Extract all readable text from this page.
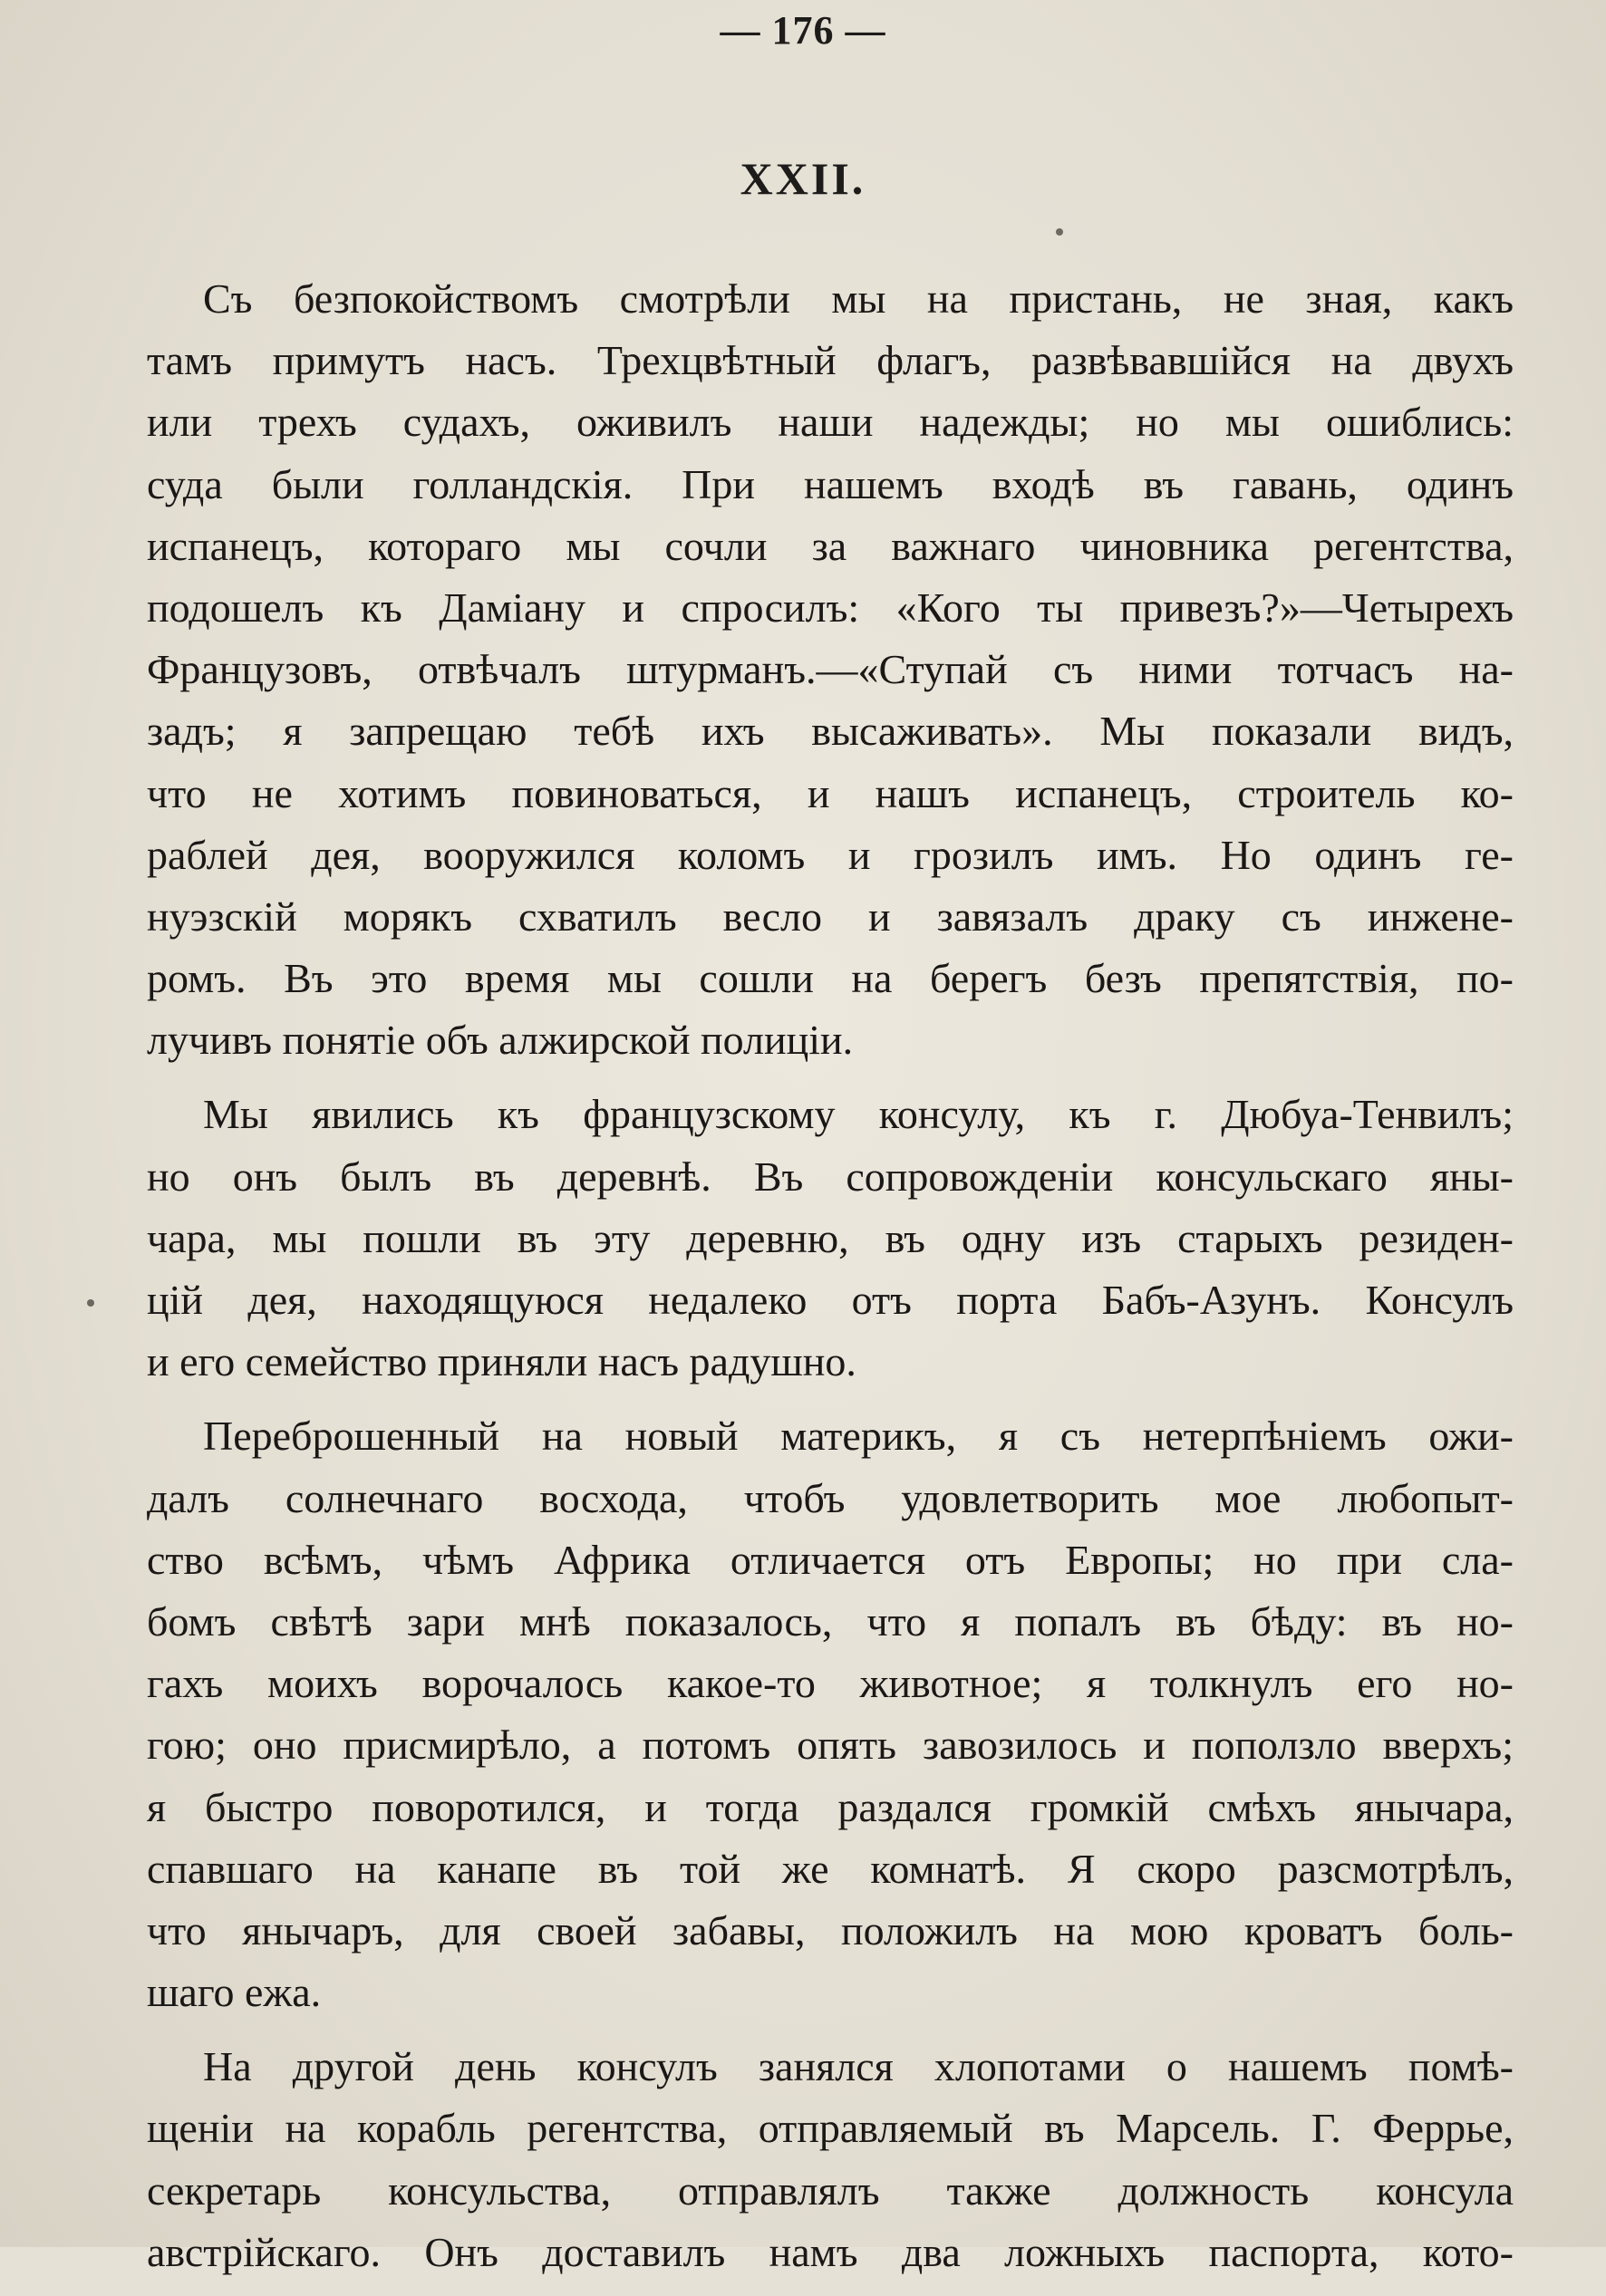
— 176 —
XXII.
Съ безпокойствомъ смотрѣли мы на пристань, не зная, какъ
тамъ примутъ насъ. Трехцвѣтный флагъ, развѣвавшійся на двухъ
или трехъ судахъ, оживилъ наши надежды; но мы ошиблись:
суда были голландскія. При нашемъ входѣ въ гавань, одинъ
испанецъ, котораго мы сочли за важнаго чиновника регентства,
подошелъ къ Даміану и спросилъ: «Кого ты привезъ?»—Четырехъ
Французовъ, отвѣчалъ штурманъ.—«Ступай съ ними тотчасъ на-
задъ; я запрещаю тебѣ ихъ высаживать». Мы показали видъ,
что не хотимъ повиноваться, и нашъ испанецъ, строитель ко-
раблей дея, вооружился коломъ и грозилъ имъ. Но одинъ ге-
нуэзскій морякъ схватилъ весло и завязалъ драку съ инжене-
ромъ. Въ это время мы сошли на берегъ безъ препятствія, по-
лучивъ понятіе объ алжирской полиціи.
Мы явились къ французскому консулу, къ г. Дюбуа-Тенвилъ;
но онъ былъ въ деревнѣ. Въ сопровожденіи консульскаго яны-
чара, мы пошли въ эту деревню, въ одну изъ старыхъ резиден-
цій дея, находящуюся недалеко отъ порта Бабъ-Азунъ. Консулъ
и его семейство приняли насъ радушно.
Переброшенный на новый материкъ, я съ нетерпѣніемъ ожи-
далъ солнечнаго восхода, чтобъ удовлетворить мое любопыт-
ство всѣмъ, чѣмъ Африка отличается отъ Европы; но при сла-
бомъ свѣтѣ зари мнѣ показалось, что я попалъ въ бѣду: въ но-
гахъ моихъ ворочалось какое-то животное; я толкнулъ его но-
гою; оно присмирѣло, а потомъ опять завозилось и поползло вверхъ;
я быстро поворотился, и тогда раздался громкій смѣхъ янычара,
спавшаго на канапе въ той же комнатѣ. Я скоро разсмотрѣлъ,
что янычаръ, для своей забавы, положилъ на мою кроватъ боль-
шаго ежа.
На другой день консулъ занялся хлопотами о нашемъ помѣ-
щеніи на корабль регентства, отправляемый въ Марсель. Г. Феррье,
секретарь консульства, отправлялъ также должность консула
австрійскаго. Онъ доставилъ намъ два ложныхъ паспорта, кото-
